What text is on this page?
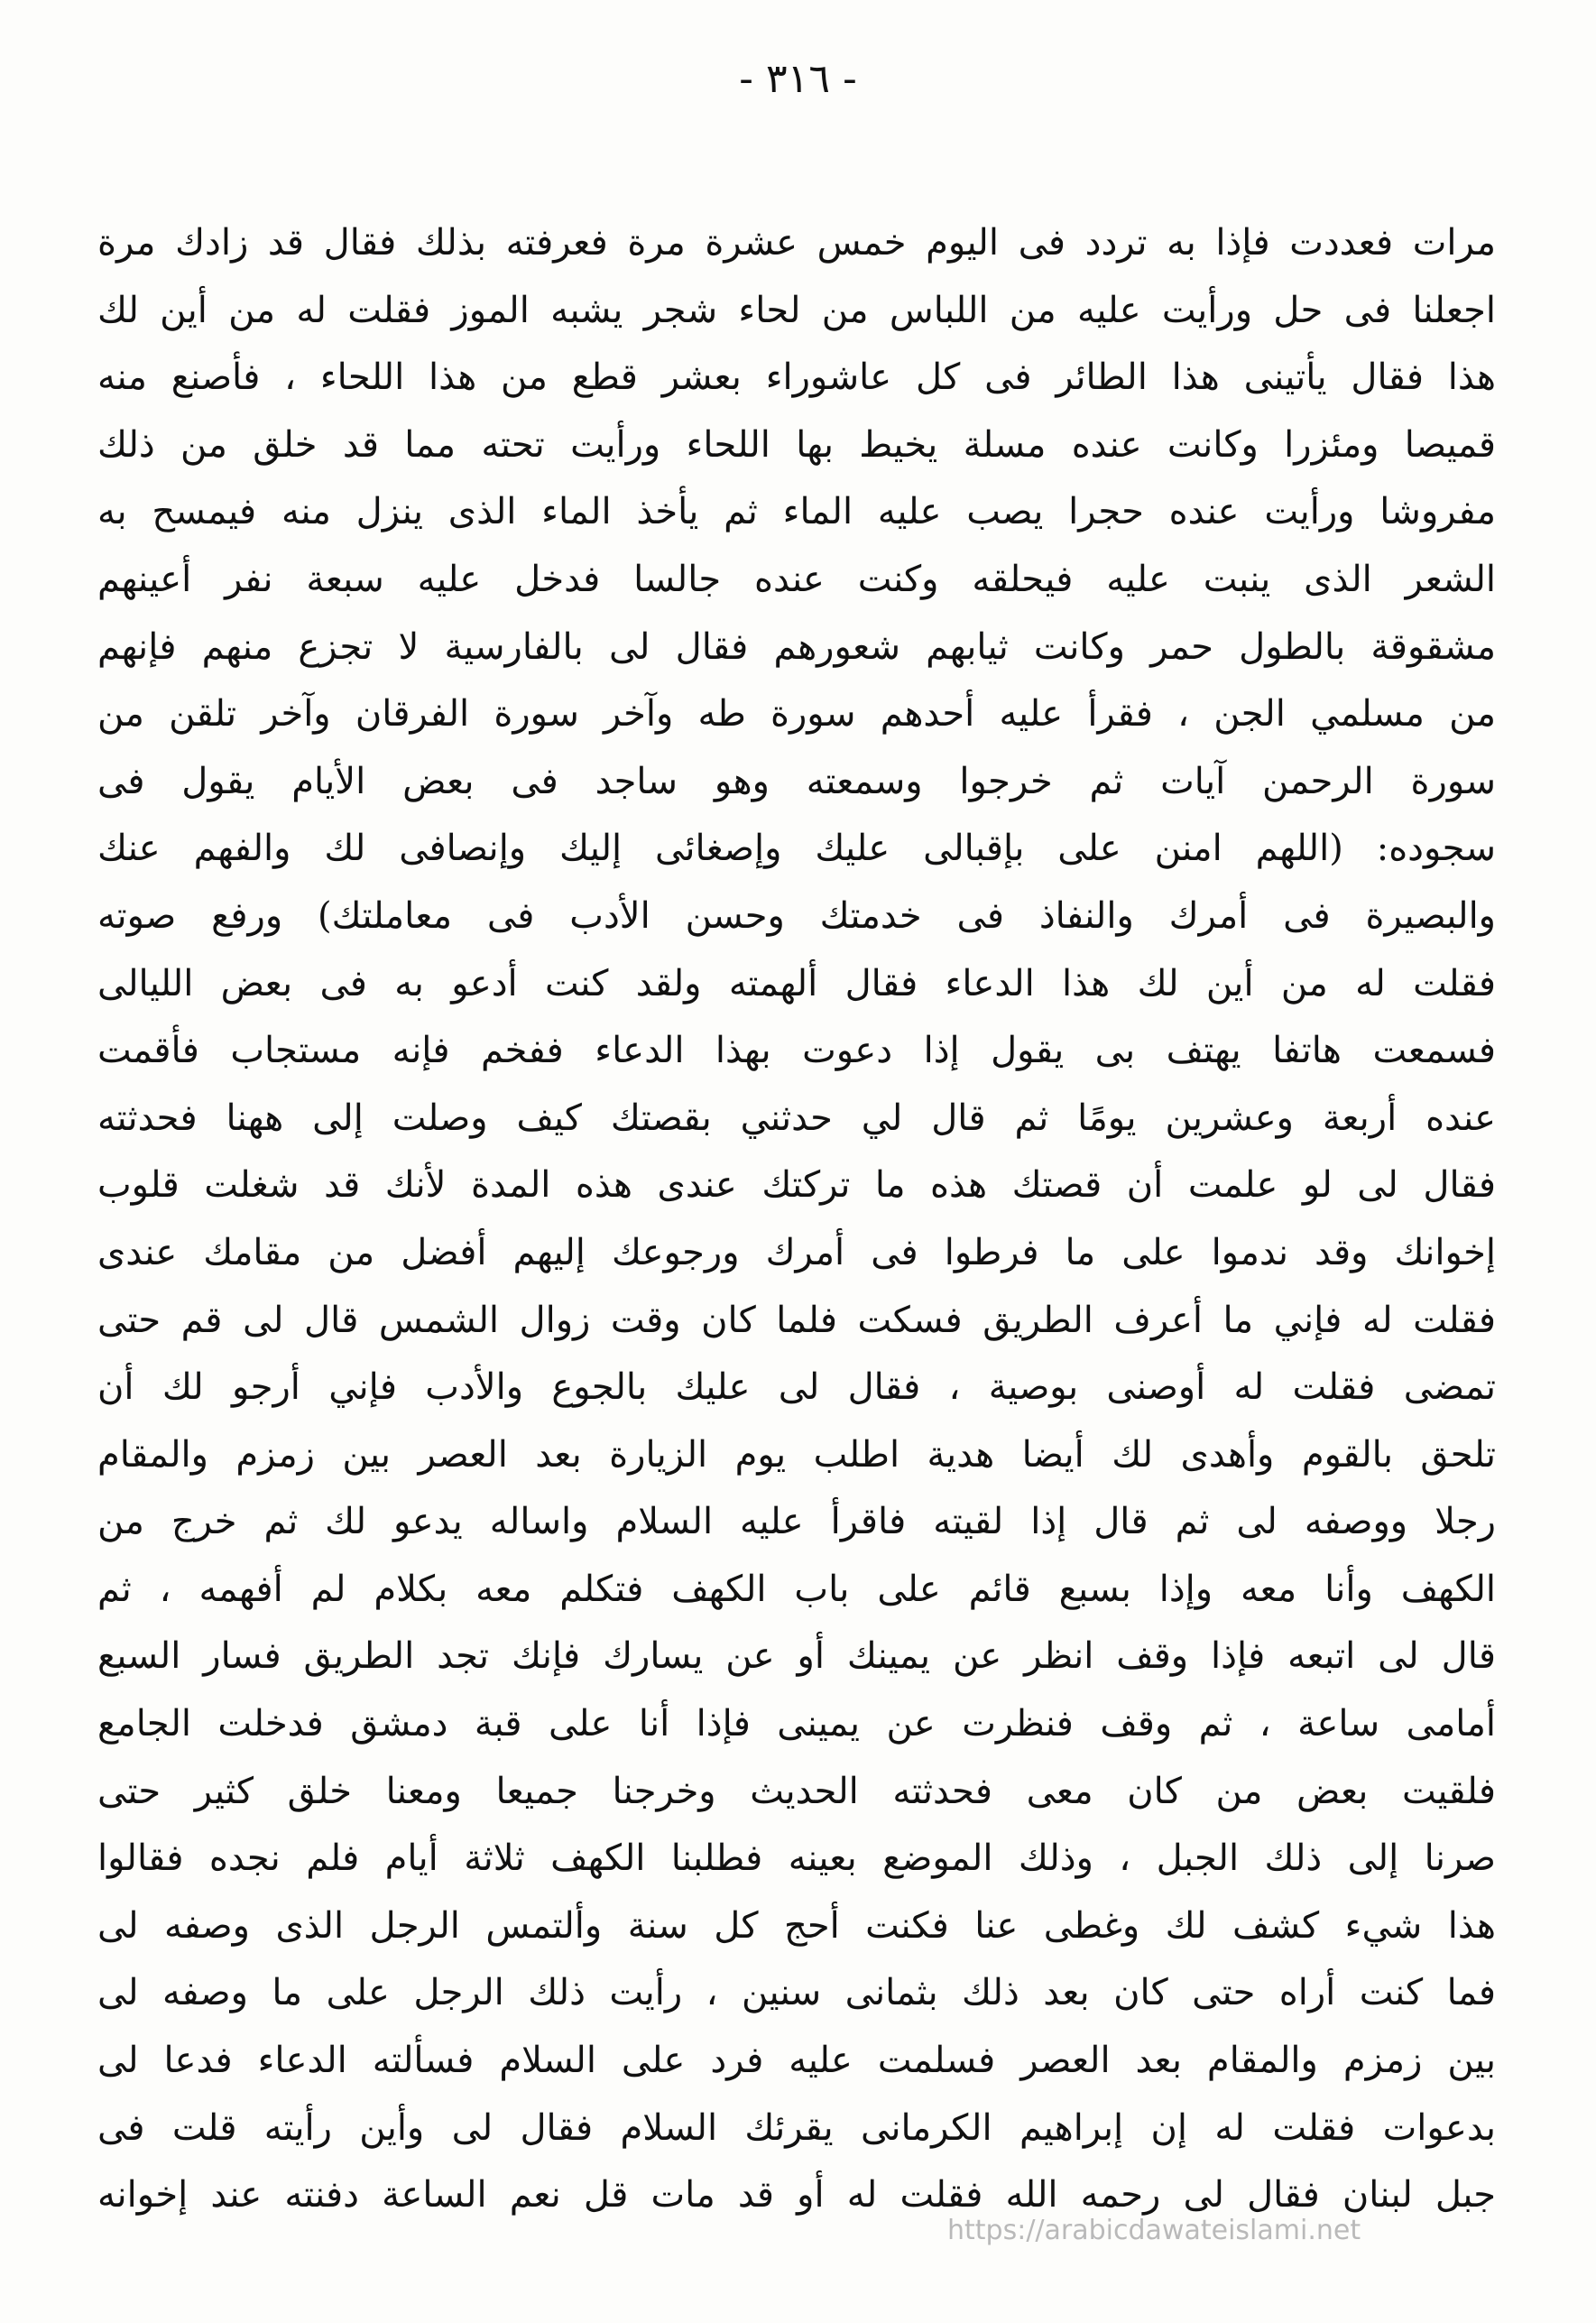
- ٣١٦ -
مرات فعددت فإذا به تردد فى اليوم خمس عشرة مرة فعرفته بذلك فقال قد زادك مرة
اجعلنا فى حل ورأيت عليه من اللباس من لحاء شجر يشبه الموز فقلت له من أين لك
هذا فقال يأتينى هذا الطائر فى كل عاشوراء بعشر قطع من هذا اللحاء ، فأصنع منه
قميصا ومئزرا وكانت عنده مسلة يخيط بها اللحاء ورأيت تحته مما قد خلق من ذلك
مفروشا ورأيت عنده حجرا يصب عليه الماء ثم يأخذ الماء الذى ينزل منه فيمسح به
الشعر الذى ينبت عليه فيحلقه وكنت عنده جالسا فدخل عليه سبعة نفر أعينهم
مشقوقة بالطول حمر وكانت ثيابهم شعورهم فقال لى بالفارسية لا تجزع منهم فإنهم
من مسلمي الجن ، فقرأ عليه أحدهم سورة طه وآخر سورة الفرقان وآخر تلقن من
سورة الرحمن آيات ثم خرجوا وسمعته وهو ساجد فى بعض الأيام يقول فى
سجوده: (اللهم امنن على بإقبالى عليك وإصغائى إليك وإنصافى لك والفهم عنك
والبصيرة فى أمرك والنفاذ فى خدمتك وحسن الأدب فى معاملتك) ورفع صوته
فقلت له من أين لك هذا الدعاء فقال ألهمته ولقد كنت أدعو به فى بعض الليالى
فسمعت هاتفا يهتف بى يقول إذا دعوت بهذا الدعاء ففخم فإنه مستجاب فأقمت
عنده أربعة وعشرين يومًا ثم قال لي حدثني بقصتك كيف وصلت إلى ههنا فحدثته
فقال لى لو علمت أن قصتك هذه ما تركتك عندى هذه المدة لأنك قد شغلت قلوب
إخوانك وقد ندموا على ما فرطوا فى أمرك ورجوعك إليهم أفضل من مقامك عندى
فقلت له فإني ما أعرف الطريق فسكت فلما كان وقت زوال الشمس قال لى قم حتى
تمضى فقلت له أوصنى بوصية ، فقال لى عليك بالجوع والأدب فإني أرجو لك أن
تلحق بالقوم وأهدى لك أيضا هدية اطلب يوم الزيارة بعد العصر بين زمزم والمقام
رجلا ووصفه لى ثم قال إذا لقيته فاقرأ عليه السلام واساله يدعو لك ثم خرج من
الكهف وأنا معه وإذا بسبع قائم على باب الكهف فتكلم معه بكلام لم أفهمه ، ثم
قال لى اتبعه فإذا وقف انظر عن يمينك أو عن يسارك فإنك تجد الطريق فسار السبع
أمامى ساعة ، ثم وقف فنظرت عن يمينى فإذا أنا على قبة دمشق فدخلت الجامع
فلقيت بعض من كان معى فحدثته الحديث وخرجنا جميعا ومعنا خلق كثير حتى
صرنا إلى ذلك الجبل ، وذلك الموضع بعينه فطلبنا الكهف ثلاثة أيام فلم نجده فقالوا
هذا شيء كشف لك وغطى عنا فكنت أحج كل سنة وألتمس الرجل الذى وصفه لى
فما كنت أراه حتى كان بعد ذلك بثمانى سنين ، رأيت ذلك الرجل على ما وصفه لى
بين زمزم والمقام بعد العصر فسلمت عليه فرد على السلام فسألته الدعاء فدعا لى
بدعوات فقلت له إن إبراهيم الكرمانى يقرئك السلام فقال لى وأين رأيته قلت فى
جبل لبنان فقال لى رحمه الله فقلت له أو قد مات قل نعم الساعة دفنته عند إخوانه
https://arabicdawateislami.net
